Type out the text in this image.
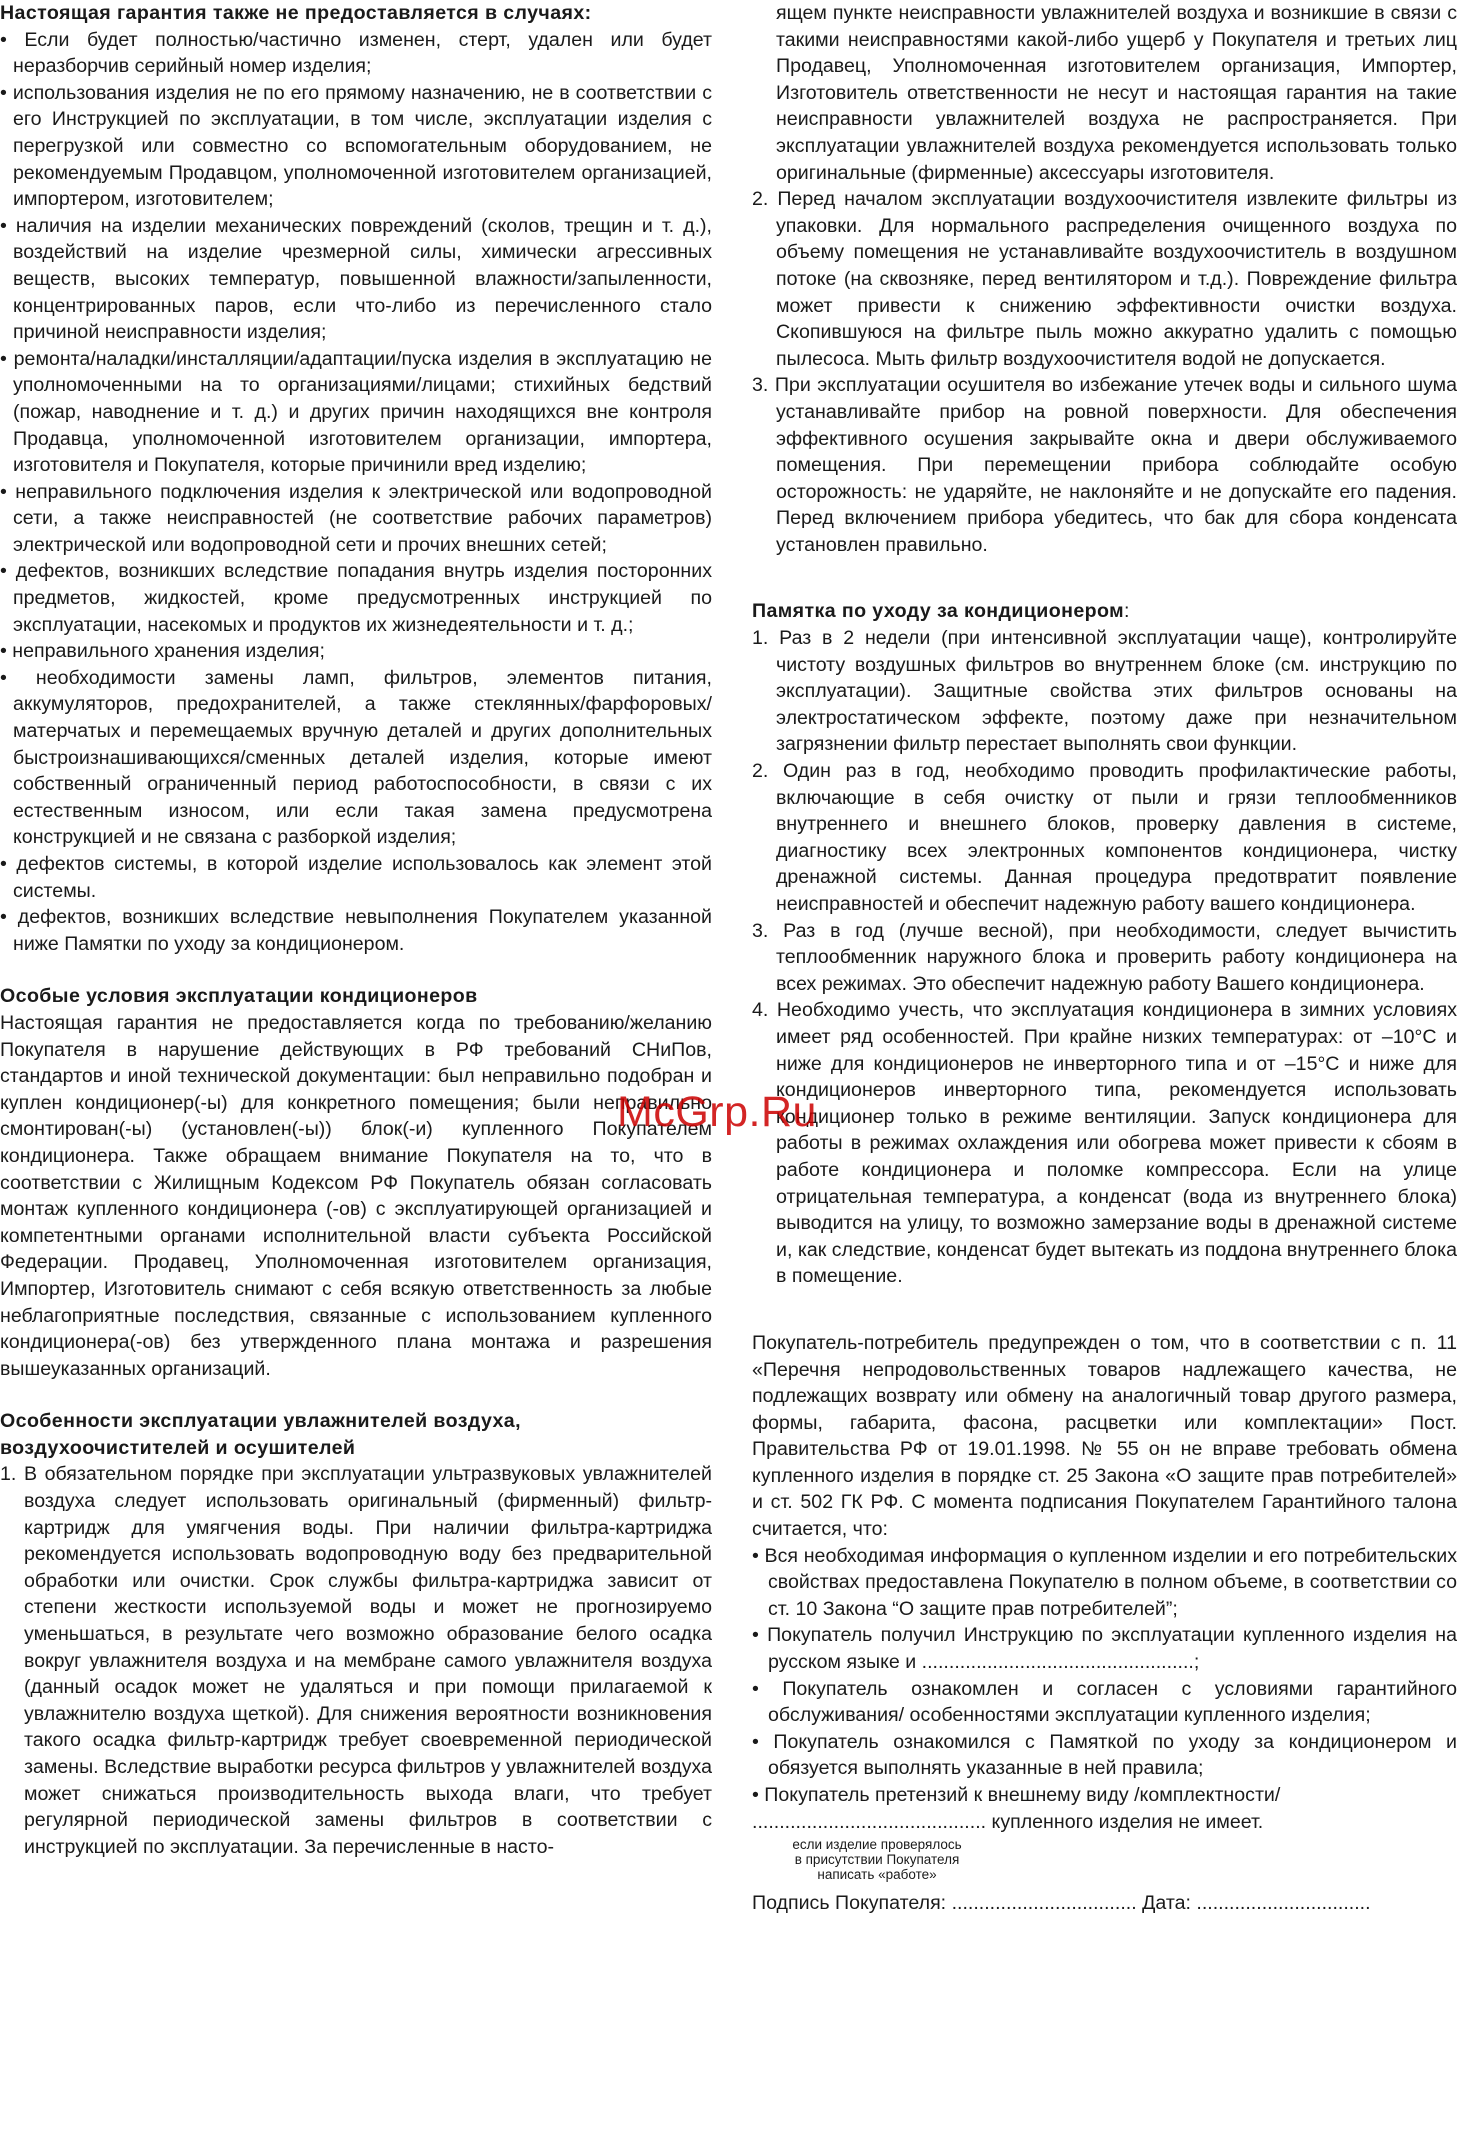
Настоящая гарантия также не предоставляется в случаях:

• Если будет полностью/частично изменен, стерт, удален или будет неразборчив серийный номер изделия;

• использования изделия не по его прямому назначению, не в соответствии с его Инструкцией по эксплуатации, в том числе, эксплуатации изделия с перегрузкой или совместно со вспомогательным оборудованием, не рекомендуемым Продавцом, уполномоченной изготовителем организацией, импортером, изготовителем;

• наличия на изделии механических повреждений (сколов, трещин и т. д.), воздействий на изделие чрезмерной силы, химически агрессивных веществ, высоких температур, повышенной влажности/запыленности, концентрированных паров, если что-либо из перечисленного стало причиной неисправности изделия;

• ремонта/наладки/инсталляции/адаптации/пуска изделия в эксплуатацию не уполномоченными на то организациями/лицами; стихийных бедствий (пожар, наводнение и т. д.) и других причин находящихся вне контроля Продавца, уполномоченной изготовителем организации, импортера, изготовителя и Покупателя, которые причинили вред изделию;

• неправильного подключения изделия к электрической или водопроводной сети, а также неисправностей (не соответствие рабочих параметров) электрической или водопроводной сети и прочих внешних сетей;

• дефектов, возникших вследствие попадания внутрь изделия посторонних предметов, жидкостей, кроме предусмотренных инструкцией по эксплуатации, насекомых и продуктов их жизнедеятельности и т. д.;

• неправильного хранения изделия;

• необходимости замены ламп, фильтров, элементов питания, аккумуляторов, предохранителей, а также стеклянных/фарфоровых/матерчатых и перемещаемых вручную деталей и других дополнительных быстроизнашивающихся/сменных деталей изделия, которые имеют собственный ограниченный период работоспособности, в связи с их естественным износом, или если такая замена предусмотрена конструкцией и не связана с разборкой изделия;

• дефектов системы, в которой изделие использовалось как элемент этой системы.

• дефектов, возникших вследствие невыполнения Покупателем указанной ниже Памятки по уходу за кондиционером.

Особые условия эксплуатации кондиционеров

Настоящая гарантия не предоставляется когда по требованию/желанию Покупателя в нарушение действующих в РФ требований СНиПов, стандартов и иной технической документации: был неправильно подобран и куплен кондиционер(-ы) для конкретного помещения; были неправильно смонтирован(-ы) (установлен(-ы)) блок(-и) купленного Покупателем кондиционера. Также обращаем внимание Покупателя на то, что в соответствии с Жилищным Кодексом РФ Покупатель обязан согласовать монтаж купленного кондиционера (-ов) с эксплуатирующей организацией и компетентными органами исполнительной власти субъекта Российской Федерации. Продавец, Уполномоченная изготовителем организация, Импортер, Изготовитель снимают с себя всякую ответственность за любые неблагоприятные последствия, связанные с использованием купленного кондиционера(-ов) без утвержденного плана монтажа и разрешения вышеуказанных организаций.

Особенности эксплуатации увлажнителей воздуха, воздухоочистителей и осушителей

1. В обязательном порядке при эксплуатации ультразвуковых увлажнителей воздуха следует использовать оригинальный (фирменный) фильтр-картридж для умягчения воды. При наличии фильтра-картриджа рекомендуется использовать водопроводную воду без предварительной обработки или очистки. Срок службы фильтра-картриджа зависит от степени жесткости используемой воды и может не прогнозируемо уменьшаться, в результате чего возможно образование белого осадка вокруг увлажнителя воздуха и на мембране самого увлажнителя воздуха (данный осадок может не удаляться и при помощи прилагаемой к увлажнителю воздуха щеткой). Для снижения вероятности возникновения такого осадка фильтр-картридж требует своевременной периодической замены. Вследствие выработки ресурса фильтров у увлажнителей воздуха может снижаться производительность выхода влаги, что требует регулярной периодической замены фильтров в соответствии с инструкцией по эксплуатации. За перечисленные в насто-

ящем пункте неисправности увлажнителей воздуха и возникшие в связи с такими неисправностями какой-либо ущерб у Покупателя и третьих лиц Продавец, Уполномоченная изготовителем организация, Импортер, Изготовитель ответственности не несут и настоящая гарантия на такие неисправности увлажнителей воздуха не распространяется. При эксплуатации увлажнителей воздуха рекомендуется использовать только оригинальные (фирменные) аксессуары изготовителя.

2. Перед началом эксплуатации воздухоочистителя извлеките фильтры из упаковки. Для нормального распределения очищенного воздуха по объему помещения не устанавливайте воздухоочиститель в воздушном потоке (на сквозняке, перед вентилятором и т.д.). Повреждение фильтра может привести к снижению эффективности очистки воздуха. Скопившуюся на фильтре пыль можно аккуратно удалить с помощью пылесоса. Мыть фильтр воздухоочистителя водой не допускается.

3. При эксплуатации осушителя во избежание утечек воды и сильного шума устанавливайте прибор на ровной поверхности. Для обеспечения эффективного осушения закрывайте окна и двери обслуживаемого помещения. При перемещении прибора соблюдайте особую осторожность: не ударяйте, не наклоняйте и не допускайте его падения. Перед включением прибора убедитесь, что бак для сбора конденсата установлен правильно.

Памятка по уходу за кондиционером:

1. Раз в 2 недели (при интенсивной эксплуатации чаще), контролируйте чистоту воздушных фильтров во внутреннем блоке (см. инструкцию по эксплуатации). Защитные свойства этих фильтров основаны на электростатическом эффекте, поэтому даже при незначительном загрязнении фильтр перестает выполнять свои функции.

2. Один раз в год, необходимо проводить профилактические работы, включающие в себя очистку от пыли и грязи теплообменников внутреннего и внешнего блоков, проверку давления в системе, диагностику всех электронных компонентов кондиционера, чистку дренажной системы. Данная процедура предотвратит появление неисправностей и обеспечит надежную работу вашего кондиционера.

3. Раз в год (лучше весной), при необходимости, следует вычистить теплообменник наружного блока и проверить работу кондиционера на всех режимах. Это обеспечит надежную работу Вашего кондиционера.

4. Необходимо учесть, что эксплуатация кондиционера в зимних условиях имеет ряд особенностей. При крайне низких температурах: от –10°С и ниже для кондиционеров не инверторного типа и от –15°С и ниже для кондиционеров инверторного типа, рекомендуется использовать кондиционер только в режиме вентиляции. Запуск кондиционера для работы в режимах охлаждения или обогрева может привести к сбоям в работе кондиционера и поломке компрессора. Если на улице отрицательная температура, а конденсат (вода из внутреннего блока) выводится на улицу, то возможно замерзание воды в дренажной системе и, как следствие, конденсат будет вытекать из поддона внутреннего блока в помещение.

Покупатель-потребитель предупрежден о том, что в соответствии с п. 11 «Перечня непродовольственных товаров надлежащего качества, не подлежащих возврату или обмену на аналогичный товар другого размера, формы, габарита, фасона, расцветки или комплектации» Пост. Правительства РФ от 19.01.1998. № 55 он не вправе требовать обмена купленного изделия в порядке ст. 25 Закона «О защите прав потребителей» и ст. 502 ГК РФ. С момента подписания Покупателем Гарантийного талона считается, что:

• Вся необходимая информация о купленном изделии и его потребительских свойствах предоставлена Покупателю в полном объеме, в соответствии со ст. 10 Закона “О защите прав потребителей”;

• Покупатель получил Инструкцию по эксплуатации купленного изделия на русском языке и ..................................................;

• Покупатель ознакомлен и согласен с условиями гарантийного обслуживания/ особенностями эксплуатации купленного изделия;

• Покупатель ознакомился с Памяткой по уходу за кондиционером и обязуется выполнять указанные в ней правила;

• Покупатель претензий к внешнему виду /комплектности/

........................................... купленного изделия не имеет.

если изделие проверялось
в присутствии Покупателя
написать «работе»

Подпись Покупателя: .................................. Дата: ................................

McGrp.Ru
